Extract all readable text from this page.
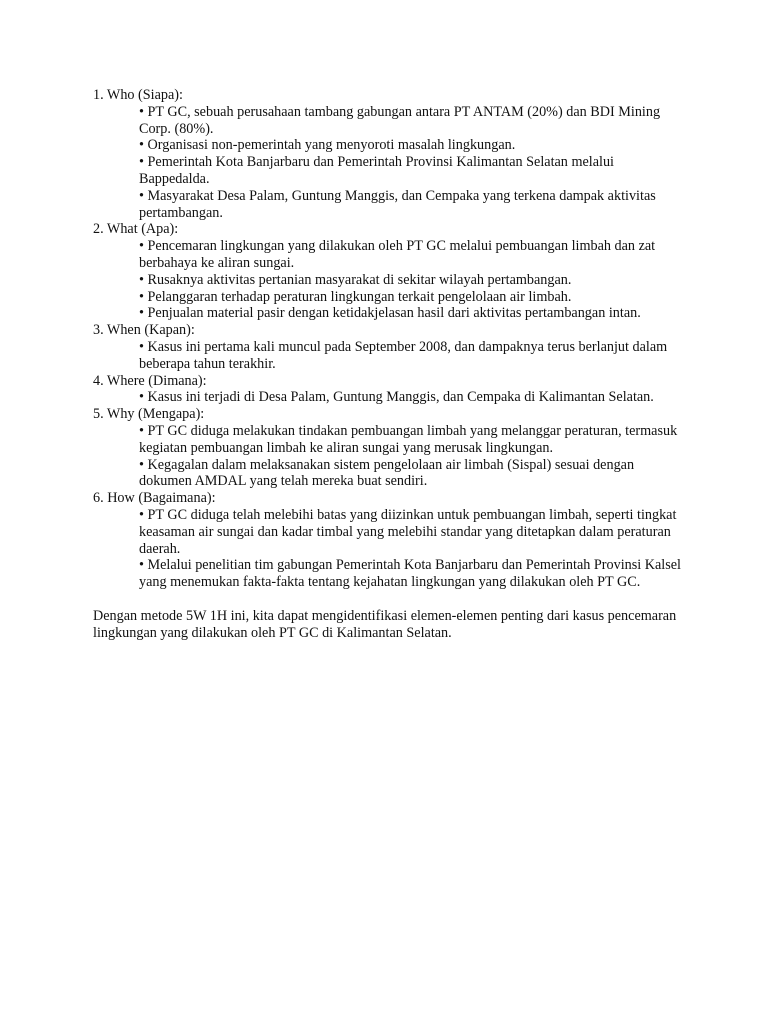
1. Who (Siapa):
• PT GC, sebuah perusahaan tambang gabungan antara PT ANTAM (20%) dan BDI Mining Corp. (80%).
• Organisasi non-pemerintah yang menyoroti masalah lingkungan.
• Pemerintah Kota Banjarbaru dan Pemerintah Provinsi Kalimantan Selatan melalui Bappedalda.
• Masyarakat Desa Palam, Guntung Manggis, dan Cempaka yang terkena dampak aktivitas pertambangan.
2. What (Apa):
• Pencemaran lingkungan yang dilakukan oleh PT GC melalui pembuangan limbah dan zat berbahaya ke aliran sungai.
• Rusaknya aktivitas pertanian masyarakat di sekitar wilayah pertambangan.
• Pelanggaran terhadap peraturan lingkungan terkait pengelolaan air limbah.
• Penjualan material pasir dengan ketidakjelasan hasil dari aktivitas pertambangan intan.
3. When (Kapan):
• Kasus ini pertama kali muncul pada September 2008, dan dampaknya terus berlanjut dalam beberapa tahun terakhir.
4. Where (Dimana):
• Kasus ini terjadi di Desa Palam, Guntung Manggis, dan Cempaka di Kalimantan Selatan.
5. Why (Mengapa):
• PT GC diduga melakukan tindakan pembuangan limbah yang melanggar peraturan, termasuk kegiatan pembuangan limbah ke aliran sungai yang merusak lingkungan.
• Kegagalan dalam melaksanakan sistem pengelolaan air limbah (Sispal) sesuai dengan dokumen AMDAL yang telah mereka buat sendiri.
6. How (Bagaimana):
• PT GC diduga telah melebihi batas yang diizinkan untuk pembuangan limbah, seperti tingkat keasaman air sungai dan kadar timbal yang melebihi standar yang ditetapkan dalam peraturan daerah.
• Melalui penelitian tim gabungan Pemerintah Kota Banjarbaru dan Pemerintah Provinsi Kalsel yang menemukan fakta-fakta tentang kejahatan lingkungan yang dilakukan oleh PT GC.

Dengan metode 5W 1H ini, kita dapat mengidentifikasi elemen-elemen penting dari kasus pencemaran lingkungan yang dilakukan oleh PT GC di Kalimantan Selatan.
